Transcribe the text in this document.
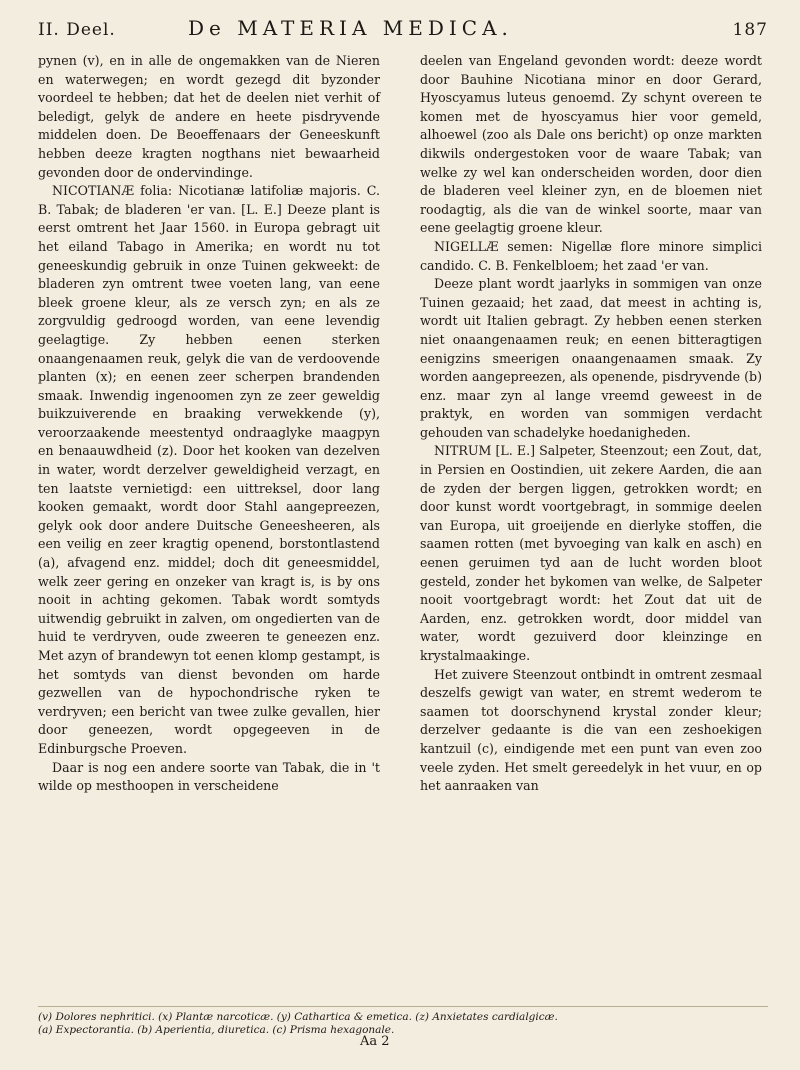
II. Deel.	De MATERIA MEDICA.	187

pynen (v), en in alle de ongemakken van de Nieren en waterwegen; en wordt gezegd dit byzonder voordeel te hebben; dat het de deelen niet verhit of beledigt, gelyk de andere en heete pisdryvende middelen doen. De Beoeffenaars der Geneeskunft hebben deeze kragten nogthans niet bewaarheid gevonden door de ondervindinge.

NICOTIANÆ folia: Nicotianæ latifoliæ majoris. C. B. Tabak; de bladeren 'er van. [L. E.] Deeze plant is eerst omtrent het Jaar 1560. in Europa gebragt uit het eiland Tabago in Amerika; en wordt nu tot geneeskundig gebruik in onze Tuinen gekweekt: de bladeren zyn omtrent twee voeten lang, van eene bleek groene kleur, als ze versch zyn; en als ze zorgvuldig gedroogd worden, van eene levendig geelagtige. Zy hebben eenen sterken onaangenaamen reuk, gelyk die van de verdoovende planten (x); en eenen zeer scherpen brandenden smaak. Inwendig ingenoomen zyn ze zeer geweldig buikzuiverende en braaking verwekkende (y), veroorzaakende meestentyd ondraaglyke maagpyn en benaauwdheid (z). Door het kooken van dezelven in water, wordt derzelver geweldigheid verzagt, en ten laatste vernietigd: een uittreksel, door lang kooken gemaakt, wordt door Stahl aangepreezen, gelyk ook door andere Duitsche Geneesheeren, als een veilig en zeer kragtig openend, borstontlastend (a), afvagend enz. middel; doch dit geneesmiddel, welk zeer gering en onzeker van kragt is, is by ons nooit in achting gekomen. Tabak wordt somtyds uitwendig gebruikt in zalven, om ongedierten van de huid te verdryven, oude zweeren te geneezen enz. Met azyn of brandewyn tot eenen klomp gestampt, is het somtyds van dienst bevonden om harde gezwellen van de hypochondrische ryken te verdryven; een bericht van twee zulke gevallen, hier door geneezen, wordt opgegeeven in de Edinburgsche Proeven.

Daar is nog een andere soorte van Tabak, die in 't wilde op mesthoopen in verscheidene

deelen van Engeland gevonden wordt: deeze wordt door Bauhine Nicotiana minor en door Gerard, Hyoscyamus luteus genoemd. Zy schynt overeen te komen met de hyoscyamus hier voor gemeld, alhoewel (zoo als Dale ons bericht) op onze markten dikwils ondergestoken voor de waare Tabak; van welke zy wel kan onderscheiden worden, door dien de bladeren veel kleiner zyn, en de bloemen niet roodagtig, als die van de winkel soorte, maar van eene geelagtig groene kleur.

NIGELLÆ semen: Nigellæ flore minore simplici candido. C. B. Fenkelbloem; het zaad 'er van.

Deeze plant wordt jaarlyks in sommigen van onze Tuinen gezaaid; het zaad, dat meest in achting is, wordt uit Italien gebragt. Zy hebben eenen sterken niet onaangenaamen reuk; en eenen bitteragtigen eenigzins smeerigen onaangenaamen smaak. Zy worden aangepreezen, als openende, pisdryvende (b) enz. maar zyn al lange vreemd geweest in de praktyk, en worden van sommigen verdacht gehouden van schadelyke hoedanigheden.

NITRUM [L. E.] Salpeter, Steenzout; een Zout, dat, in Persien en Oostindien, uit zekere Aarden, die aan de zyden der bergen liggen, getrokken wordt; en door kunst wordt voortgebragt, in sommige deelen van Europa, uit groeijende en dierlyke stoffen, die saamen rotten (met byvoeging van kalk en asch) en eenen geruimen tyd aan de lucht worden bloot gesteld, zonder het bykomen van welke, de Salpeter nooit voortgebragt wordt: het Zout dat uit de Aarden, enz. getrokken wordt, door middel van water, wordt gezuiverd door kleinzinge en krystalmaakinge.

Het zuivere Steenzout ontbindt in omtrent zesmaal deszelfs gewigt van water, en stremt wederom te saamen tot doorschynend krystal zonder kleur; derzelver gedaante is die van een zeshoekigen kantzuil (c), eindigende met een punt van even zoo veele zyden. Het smelt gereedelyk in het vuur, en op het aanraaken van

(v) Dolores nephritici. (x) Plantæ narcoticæ. (y) Cathartica & emetica. (z) Anxietates cardialgicæ.
(a) Expectorantia. (b) Aperientia, diuretica. (c) Prisma hexagonale.
Aa 2
